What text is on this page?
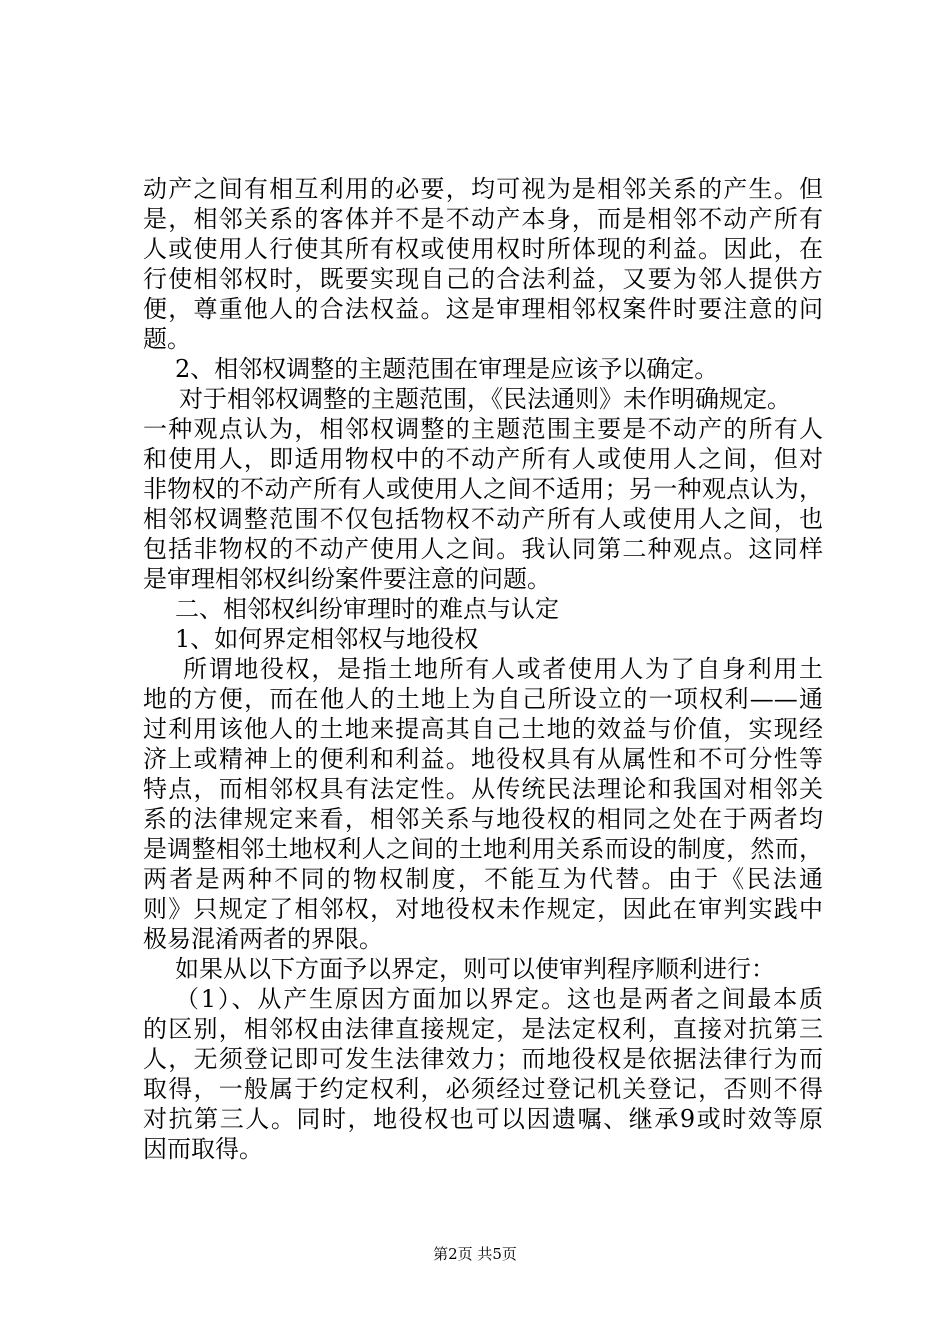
动产之间有相互利用的必要，均可视为是相邻关系的产生。但
是，相邻关系的客体并不是不动产本身，而是相邻不动产所有
人或使用人行使其所有权或使用权时所体现的利益。因此，在
行使相邻权时，既要实现自己的合法利益，又要为邻人提供方
便，尊重他人的合法权益。这是审理相邻权案件时要注意的问
题。
2、相邻权调整的主题范围在审理是应该予以确定。
对于相邻权调整的主题范围，《民法通则》未作明确规定。
一种观点认为，相邻权调整的主题范围主要是不动产的所有人
和使用人，即适用物权中的不动产所有人或使用人之间，但对
非物权的不动产所有人或使用人之间不适用；另一种观点认为，
相邻权调整范围不仅包括物权不动产所有人或使用人之间，也
包括非物权的不动产使用人之间。我认同第二种观点。这同样
是审理相邻权纠纷案件要注意的问题。
二、相邻权纠纷审理时的难点与认定
1、如何界定相邻权与地役权
所谓地役权，是指土地所有人或者使用人为了自身利用土
地的方便，而在他人的土地上为自己所设立的一项权利——通
过利用该他人的土地来提高其自己土地的效益与价值，实现经
济上或精神上的便利和利益。地役权具有从属性和不可分性等
特点，而相邻权具有法定性。从传统民法理论和我国对相邻关
系的法律规定来看，相邻关系与地役权的相同之处在于两者均
是调整相邻土地权利人之间的土地利用关系而设的制度，然而，
两者是两种不同的物权制度，不能互为代替。由于《民法通
则》只规定了相邻权，对地役权未作规定，因此在审判实践中
极易混淆两者的界限。
如果从以下方面予以界定，则可以使审判程序顺利进行：
（1）、从产生原因方面加以界定。这也是两者之间最本质
的区别，相邻权由法律直接规定，是法定权利，直接对抗第三
人，无须登记即可发生法律效力；而地役权是依据法律行为而
取得，一般属于约定权利，必须经过登记机关登记，否则不得
对抗第三人。同时，地役权也可以因遗嘱、继承9或时效等原
因而取得。
第2页 共5页
